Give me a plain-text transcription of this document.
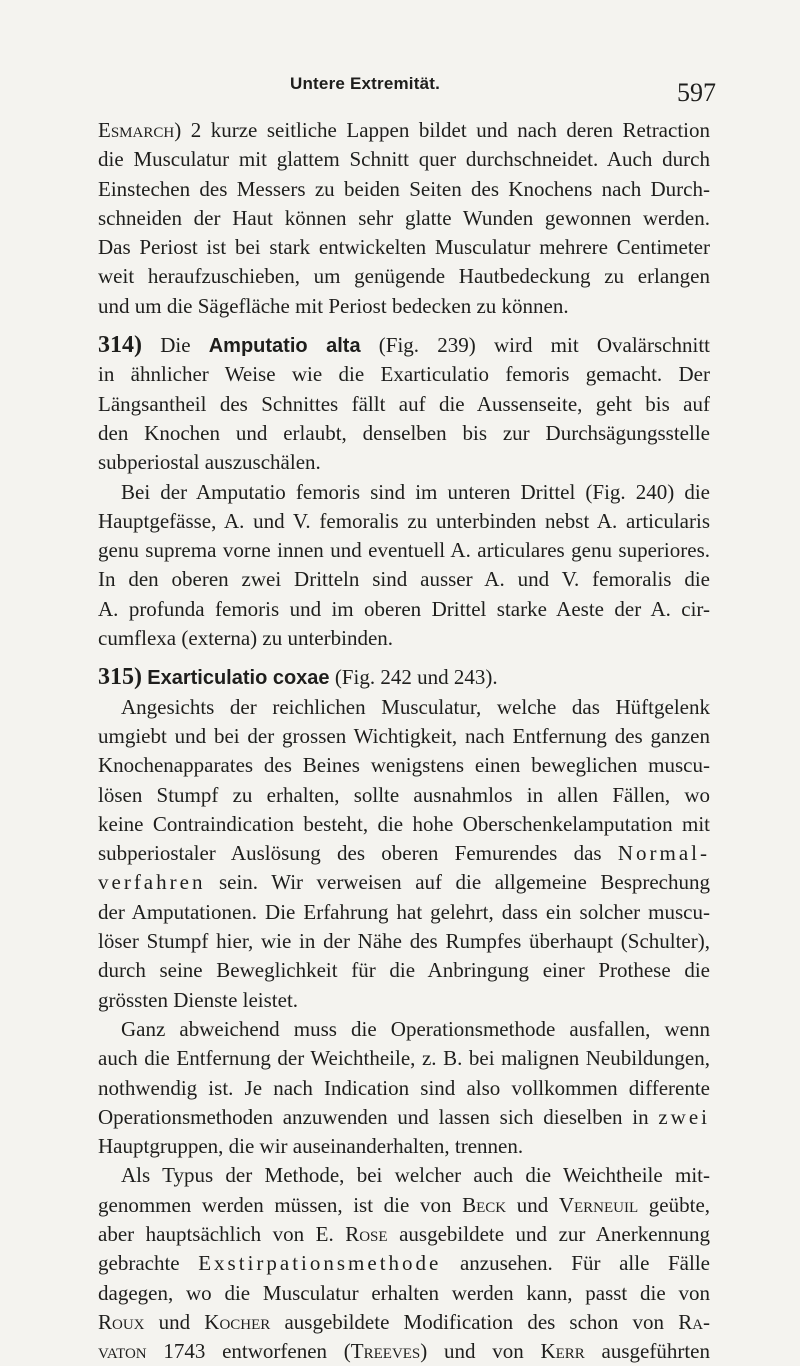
Untere Extremität.	597
Esmarch) 2 kurze seitliche Lappen bildet und nach deren Retraction
die Musculatur mit glattem Schnitt quer durchschneidet. Auch durch
Einstechen des Messers zu beiden Seiten des Knochens nach Durch-
schneiden der Haut können sehr glatte Wunden gewonnen werden.
Das Periost ist bei stark entwickelten Musculatur mehrere Centimeter
weit heraufzuschieben, um genügende Hautbedeckung zu erlangen
und um die Sägefläche mit Periost bedecken zu können.
314) Die Amputatio alta (Fig. 239) wird mit Ovalärschnitt
in ähnlicher Weise wie die Exarticulatio femoris gemacht. Der
Längsantheil des Schnittes fällt auf die Aussenseite, geht bis auf
den Knochen und erlaubt, denselben bis zur Durchsägungsstelle
subperiostal auszuschälen.
Bei der Amputatio femoris sind im unteren Drittel (Fig. 240) die
Hauptgefässe, A. und V. femoralis zu unterbinden nebst A. articularis
genu suprema vorne innen und eventuell A. articulares genu superiores.
In den oberen zwei Dritteln sind ausser A. und V. femoralis die
A. profunda femoris und im oberen Drittel starke Aeste der A. cir-
cumflexa (externa) zu unterbinden.
315) Exarticulatio coxae (Fig. 242 und 243).
Angesichts der reichlichen Musculatur, welche das Hüftgelenk
umgiebt und bei der grossen Wichtigkeit, nach Entfernung des ganzen
Knochenapparates des Beines wenigstens einen beweglichen muscu-
lösen Stumpf zu erhalten, sollte ausnahmlos in allen Fällen, wo
keine Contraindication besteht, die hohe Oberschenkelamputation mit
subperiostaler Auslösung des oberen Femurendes das Normal-
verfahren sein. Wir verweisen auf die allgemeine Besprechung
der Amputationen. Die Erfahrung hat gelehrt, dass ein solcher muscu-
löser Stumpf hier, wie in der Nähe des Rumpfes überhaupt (Schulter),
durch seine Beweglichkeit für die Anbringung einer Prothese die
grössten Dienste leistet.
Ganz abweichend muss die Operationsmethode ausfallen, wenn
auch die Entfernung der Weichtheile, z. B. bei malignen Neubildungen,
nothwendig ist. Je nach Indication sind also vollkommen differente
Operationsmethoden anzuwenden und lassen sich dieselben in zwei
Hauptgruppen, die wir auseinanderhalten, trennen.
Als Typus der Methode, bei welcher auch die Weichtheile mit-
genommen werden müssen, ist die von Beck und Verneuil geübte,
aber hauptsächlich von E. Rose ausgebildete und zur Anerkennung
gebrachte Exstirpationsmethode anzusehen. Für alle Fälle
dagegen, wo die Musculatur erhalten werden kann, passt die von
Roux und Kocher ausgebildete Modification des schon von Ra-
vaton 1743 entworfenen (Treeves) und von Kerr ausgeführten
